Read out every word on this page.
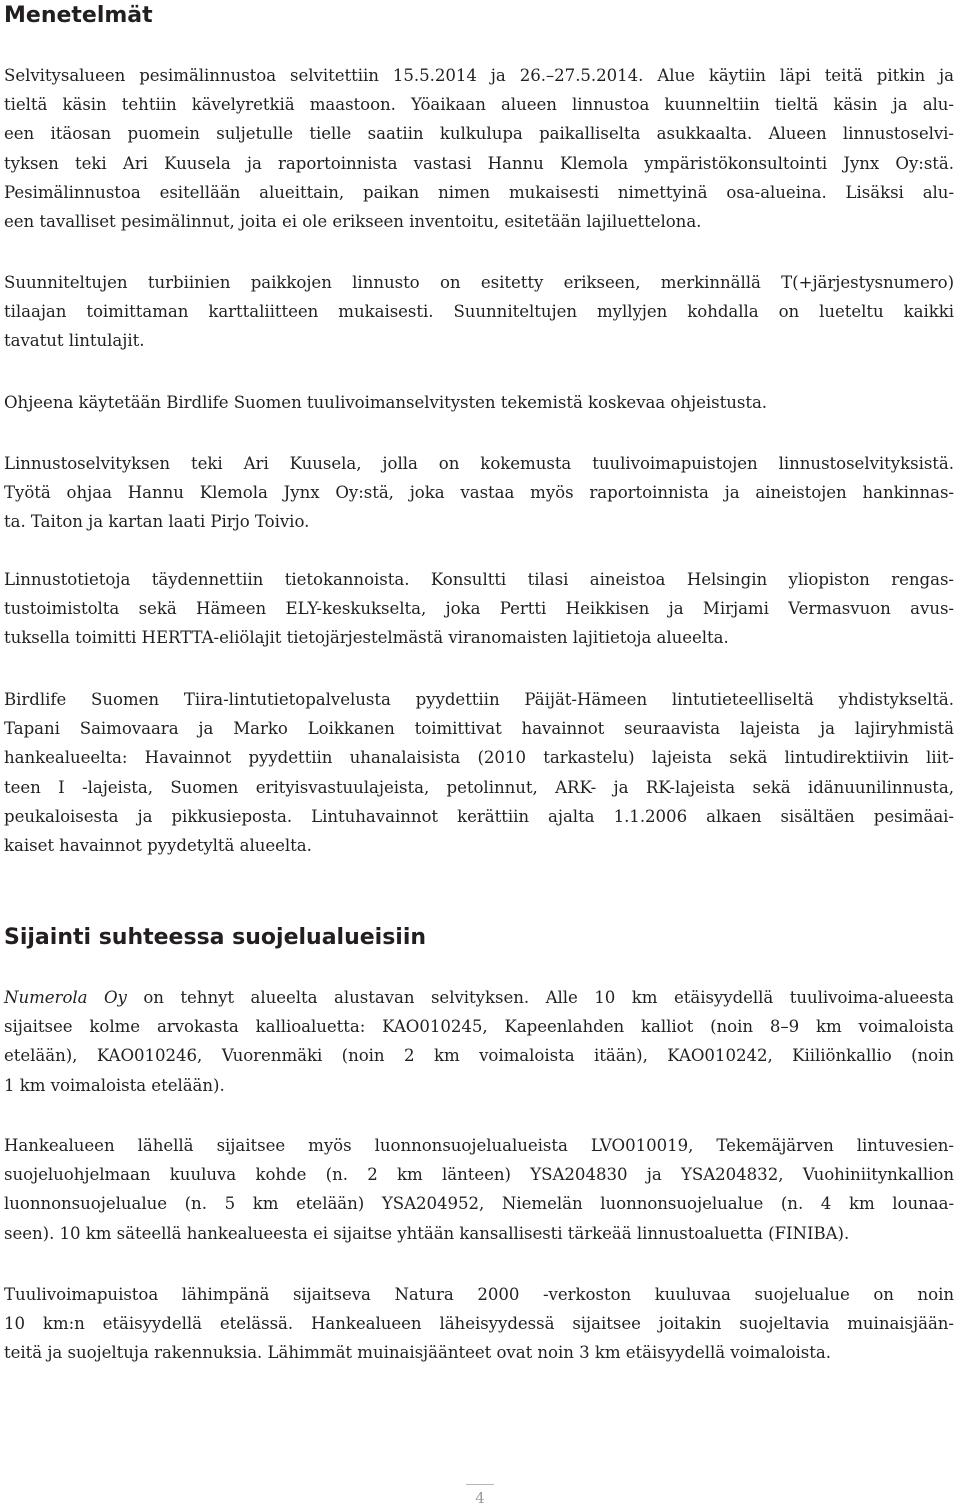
Menetelmät

Selvitysalueen pesimälinnustoa selvitettiin 15.5.2014 ja 26.–27.5.2014. Alue käytiin läpi teitä pitkin ja
tieltä käsin tehtiin kävelyretkiä maastoon. Yöaikaan alueen linnustoa kuunneltiin tieltä käsin ja alu-
een itäosan puomein suljetulle tielle saatiin kulkulupa paikalliselta asukkaalta. Alueen linnustoselvi-
tyksen teki Ari Kuusela ja raportoinnista vastasi Hannu Klemola ympäristökonsultointi Jynx Oy:stä.
Pesimälinnustoa esitellään alueittain, paikan nimen mukaisesti nimettyinä osa-alueina. Lisäksi alu-
een tavalliset pesimälinnut, joita ei ole erikseen inventoitu, esitetään lajiluettelona.

Suunniteltujen turbiinien paikkojen linnusto on esitetty erikseen, merkinnällä T(+järjestysnumero)
tilaajan toimittaman karttaliitteen mukaisesti. Suunniteltujen myllyjen kohdalla on lueteltu kaikki
tavatut lintulajit.

Ohjeena käytetään Birdlife Suomen tuulivoimanselvitysten tekemistä koskevaa ohjeistusta.

Linnustoselvityksen teki Ari Kuusela, jolla on kokemusta tuulivoimapuistojen linnustoselvityksistä.
Työtä ohjaa Hannu Klemola Jynx Oy:stä, joka vastaa myös raportoinnista ja aineistojen hankinnas-
ta. Taiton ja kartan laati Pirjo Toivio.

Linnustotietoja täydennettiin tietokannoista. Konsultti tilasi aineistoa Helsingin yliopiston rengas-
tustoimistolta sekä Hämeen ELY-keskukselta, joka Pertti Heikkisen ja Mirjami Vermasvuon avus-
tuksella toimitti HERTTA-eliölajit tietojärjestelmästä viranomaisten lajitietoja alueelta.

Birdlife Suomen Tiira-lintutietopalvelusta pyydettiin Päijät-Hämeen lintutieteelliseltä yhdistykseltä.
Tapani Saimovaara ja Marko Loikkanen toimittivat havainnot seuraavista lajeista ja lajiryhmistä
hankealueelta: Havainnot pyydettiin uhanalaisista (2010 tarkastelu) lajeista sekä lintudirektiivin liit-
teen I -lajeista, Suomen erityisvastuulajeista, petolinnut, ARK- ja RK-lajeista sekä idänuunilinnusta,
peukaloisesta ja pikkusieposta. Lintuhavainnot kerättiin ajalta 1.1.2006 alkaen sisältäen pesimäai-
kaiset havainnot pyydetyltä alueelta.

Sijainti suhteessa suojelualueisiin

Numerola Oy on tehnyt alueelta alustavan selvityksen. Alle 10 km etäisyydellä tuulivoima-alueesta
sijaitsee kolme arvokasta kallioaluetta: KAO010245, Kapeenlahden kalliot (noin 8–9 km voimaloista
etelään), KAO010246, Vuorenmäki (noin 2 km voimaloista itään), KAO010242, Kiiliönkallio (noin
1 km voimaloista etelään).

Hankealueen lähellä sijaitsee myös luonnonsuojelualueista LVO010019, Tekemäjärven lintuvesien-
suojeluohjelmaan kuuluva kohde (n. 2 km länteen) YSA204830 ja YSA204832, Vuohiniitynkallion
luonnonsuojelualue (n. 5 km etelään) YSA204952, Niemelän luonnonsuojelualue (n. 4 km lounaa-
seen). 10 km säteellä hankealueesta ei sijaitse yhtään kansallisesti tärkeää linnustoaluetta (FINIBA).

Tuulivoimapuistoa lähimpänä sijaitseva Natura 2000 -verkoston kuuluvaa suojelualue on noin
10 km:n etäisyydellä etelässä. Hankealueen läheisyydessä sijaitsee joitakin suojeltavia muinaisjään-
teitä ja suojeltuja rakennuksia. Lähimmät muinaisjäänteet ovat noin 3 km etäisyydellä voimaloista.

4
